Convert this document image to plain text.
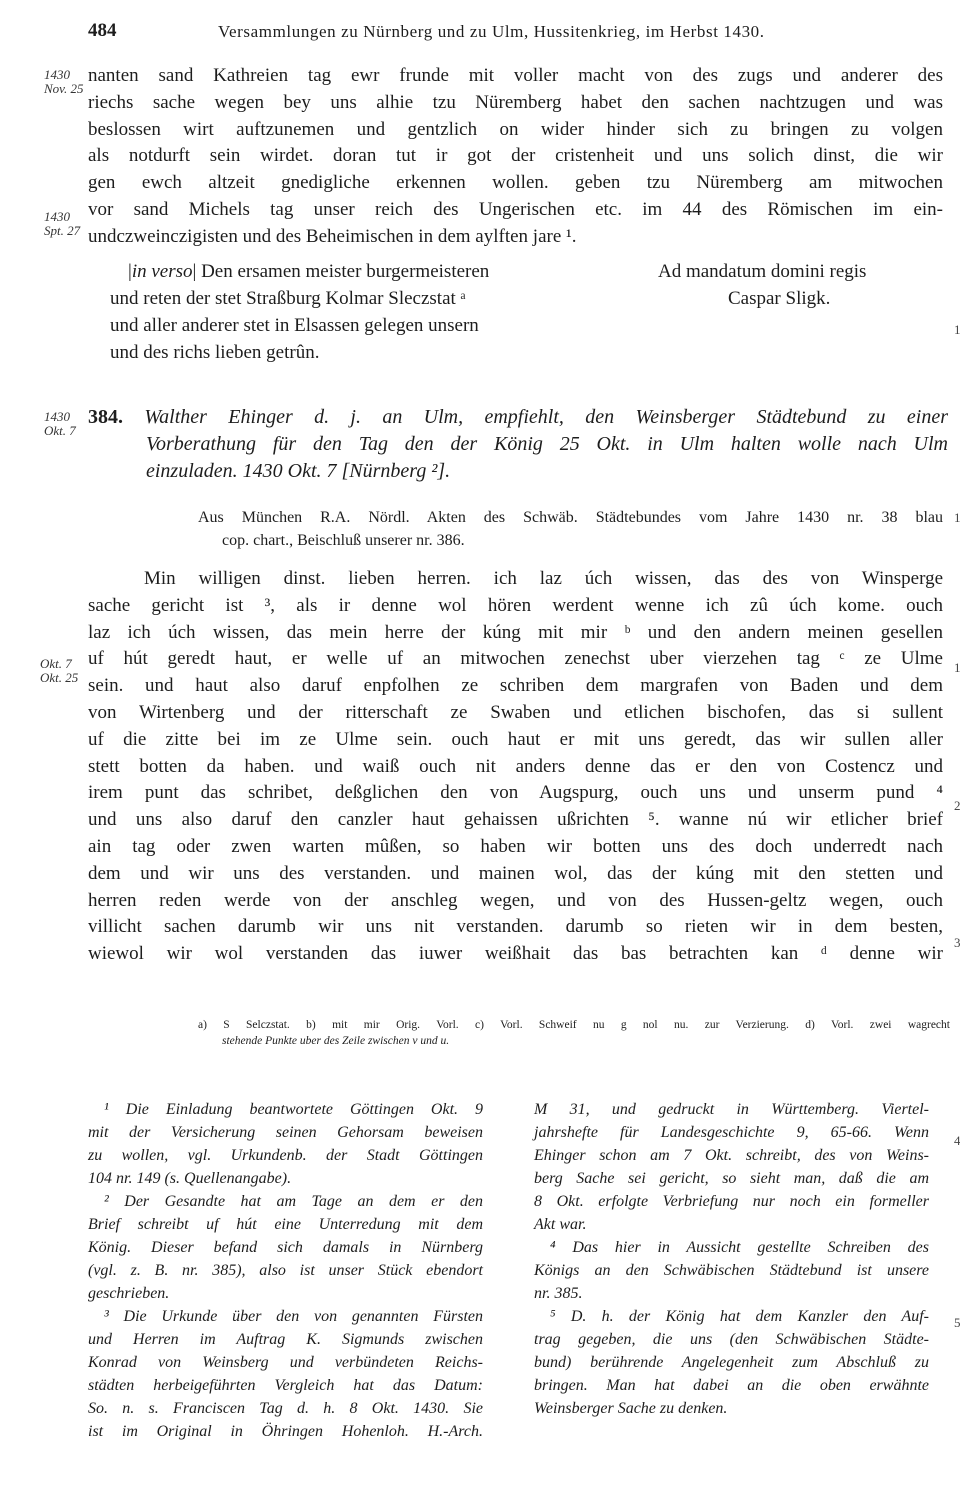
484	Versammlungen zu Nürnberg und zu Ulm, Hussitenkrieg, im Herbst 1430.
1430
Nov. 25
1430
Spt. 27
1430
Okt. 7
Okt. 7
Okt. 25
1
1
1
2
3
4
5
nanten sand Kathreien tag ewr frunde mit voller macht von des zugs und anderer des
riechs sache wegen bey uns alhie tzu Nüremberg habet den sachen nachtzugen und was
beslossen wirt auftzunemen und gentzlich on wider hinder sich zu bringen zu volgen
als notdurft sein wirdet. doran tut ir got der cristenheit und uns solich dinst, die wir
gen ewch altzeit gnedigliche erkennen wollen. geben tzu Nüremberg am mitwochen
vor sand Michels tag unser reich des Ungerischen etc. im 44 des Römischen im ein-
undczweinczigisten und des Beheimischen in dem aylften jare ¹.
|in verso| Den ersamen meister burgermeisteren
und reten der stet Straßburg Kolmar Sleczstat ᵃ
und aller anderer stet in Elsassen gelegen unsern
und des richs lieben getrûn.
Ad mandatum domini regis
Caspar Sligk.
384. Walther Ehinger d. j. an Ulm, empfiehlt, den Weinsberger Städtebund zu einer
Vorberathung für den Tag den der König 25 Okt. in Ulm halten wolle nach Ulm
einzuladen. 1430 Okt. 7 [Nürnberg ²].
Aus München R.A. Nördl. Akten des Schwäb. Städtebundes vom Jahre 1430 nr. 38 blau
cop. chart., Beischluß unserer nr. 386.
Min willigen dinst. lieben herren. ich laz úch wissen, das des von Winsperge
sache gericht ist ³, als ir denne wol hören werdent wenne ich zû úch kome. ouch
laz ich úch wissen, das mein herre der kúng mit mir ᵇ und den andern meinen gesellen
uf hút geredt haut, er welle uf an mitwochen zenechst uber vierzehen tag ᶜ ze Ulme
sein. und haut also daruf enpfolhen ze schriben dem margrafen von Baden und dem
von Wirtenberg und der ritterschaft ze Swaben und etlichen bischofen, das si sullent
uf die zitte bei im ze Ulme sein. ouch haut er mit uns geredt, das wir sullen aller
stett botten da haben. und waiß ouch nit anders denne das er den von Costencz und
irem punt das schribet, deßglichen den von Augspurg, ouch uns und unserm pund ⁴
und uns also daruf den canzler haut gehaissen ußrichten ⁵. wanne nú wir etlicher brief
ain tag oder zwen warten mûßen, so haben wir botten uns des doch underredt nach
dem und wir uns des verstanden. und mainen wol, das der kúng mit den stetten und
herren reden werde von der anschleg wegen, und von des Hussen-geltz wegen, ouch
villicht sachen darumb wir uns nit verstanden. darumb so rieten wir in dem besten,
wiewol wir wol verstanden das iuwer weißhait das bas betrachten kan ᵈ denne wir
a) S Selczstat. b) mit mir Orig. Vorl. c) Vorl. Schweif nu g nol nu. zur Verzierung. d) Vorl. zwei wagrecht
stehende Punkte uber des Zeile zwischen v und u.
¹ Die Einladung beantwortete Göttingen Okt. 9
mit der Versicherung seinen Gehorsam beweisen
zu wollen, vgl. Urkundenb. der Stadt Göttingen
104 nr. 149 (s. Quellenangabe).
² Der Gesandte hat am Tage an dem er den
Brief schreibt uf hút eine Unterredung mit dem
König. Dieser befand sich damals in Nürnberg
(vgl. z. B. nr. 385), also ist unser Stück ebendort
geschrieben.
³ Die Urkunde über den von genannten Fürsten
und Herren im Auftrag K. Sigmunds zwischen
Konrad von Weinsberg und verbündeten Reichs-
städten herbeigeführten Vergleich hat das Datum:
So. n. s. Franciscen Tag d. h. 8 Okt. 1430. Sie
ist im Original in Öhringen Hohenloh. H.-Arch.
M 31, und gedruckt in Württemberg. Viertel-
jahrshefte für Landesgeschichte 9, 65-66. Wenn
Ehinger schon am 7 Okt. schreibt, des von Weins-
berg Sache sei gericht, so sieht man, daß die am
8 Okt. erfolgte Verbriefung nur noch ein formeller
Akt war.
⁴ Das hier in Aussicht gestellte Schreiben des
Königs an den Schwäbischen Städtebund ist unsere
nr. 385.
⁵ D. h. der König hat dem Kanzler den Auf-
trag gegeben, die uns (den Schwäbischen Städte-
bund) berührende Angelegenheit zum Abschluß zu
bringen. Man hat dabei an die oben erwähnte
Weinsberger Sache zu denken.
